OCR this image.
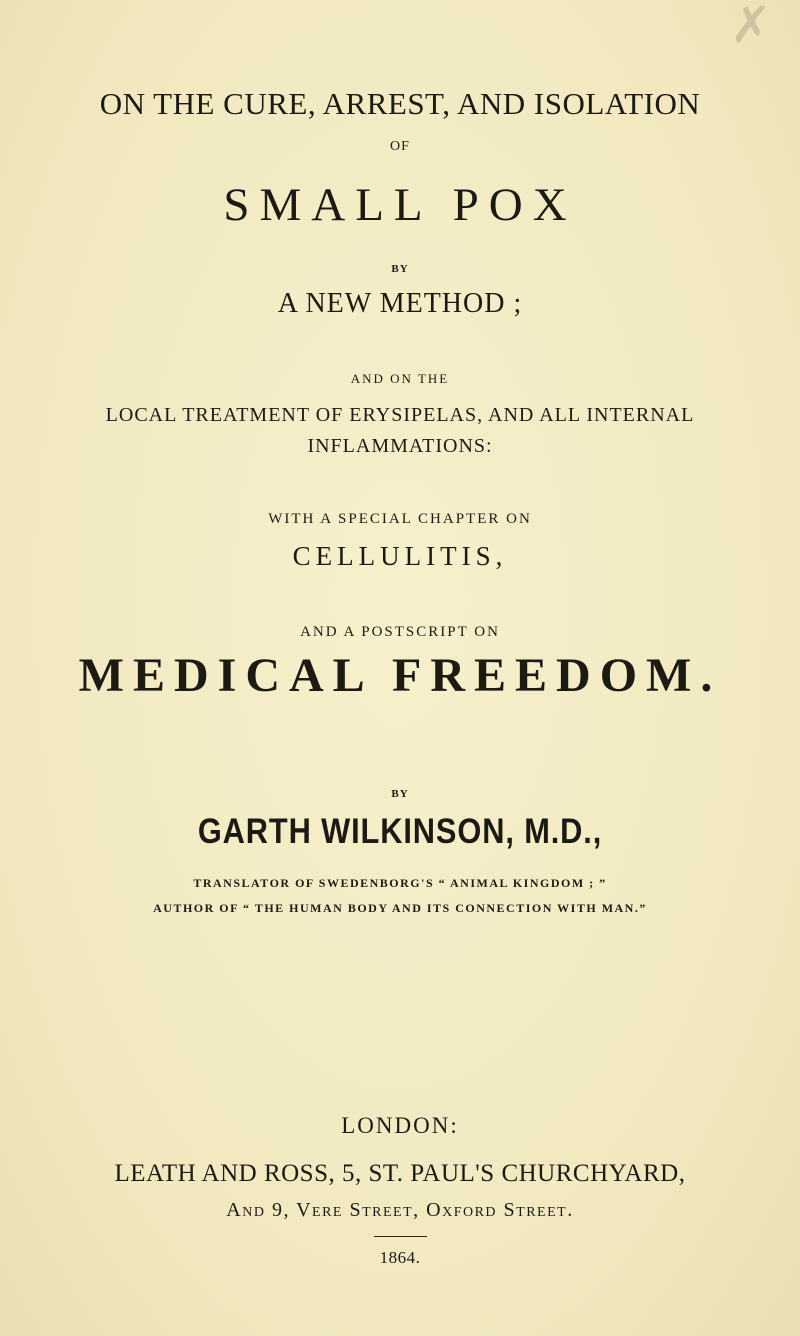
✗
ON THE CURE, ARREST, AND ISOLATION
OF
SMALL POX
BY
A NEW METHOD ;
AND ON THE
LOCAL TREATMENT OF ERYSIPELAS, AND ALL INTERNAL
INFLAMMATIONS:
WITH A SPECIAL CHAPTER ON
CELLULITIS,
AND A POSTSCRIPT ON
MEDICAL FREEDOM.
BY
GARTH WILKINSON, M.D.,
TRANSLATOR OF SWEDENBORG'S “ ANIMAL KINGDOM ; ”
AUTHOR OF “ THE HUMAN BODY AND ITS CONNECTION WITH MAN.”
LONDON:
LEATH AND ROSS, 5, ST. PAUL'S CHURCHYARD,
And 9, Vere Street, Oxford Street.
1864.
